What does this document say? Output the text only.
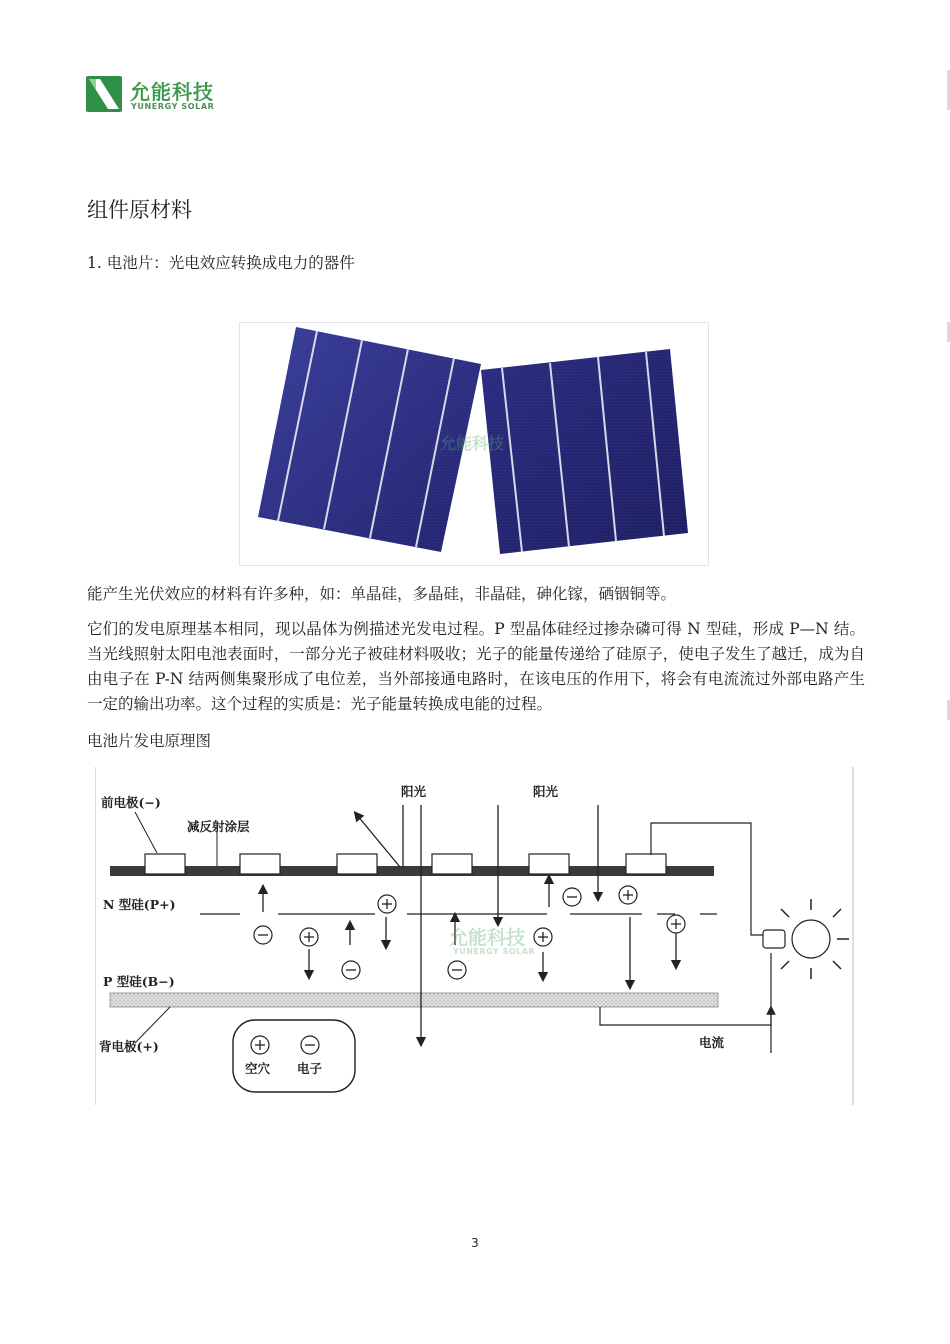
允能科技
YUNERGY SOLAR
组件原材料
1. 电池片：光电效应转换成电力的器件
允能科技
能产生光伏效应的材料有许多种，如：单晶硅，多晶硅，非晶硅，砷化镓，硒铟铜等。
它们的发电原理基本相同，现以晶体为例描述光发电过程。P 型晶体硅经过掺杂磷可得 N 型硅，形成 P—N 结。当光线照射太阳电池表面时，一部分光子被硅材料吸收；光子的能量传递给了硅原子，使电子发生了越迁，成为自由电子在 P-N 结两侧集聚形成了电位差，当外部接通电路时，在该电压的作用下，将会有电流流过外部电路产生一定的输出功率。这个过程的实质是：光子能量转换成电能的过程。
电池片发电原理图
前电极(−)
减反射涂层
阳光	阳光
N 型硅(P+)
P 型硅(B−)
背电极(+)	电流
空穴 电子
允能科技
YUNERGY SOLAR
3
